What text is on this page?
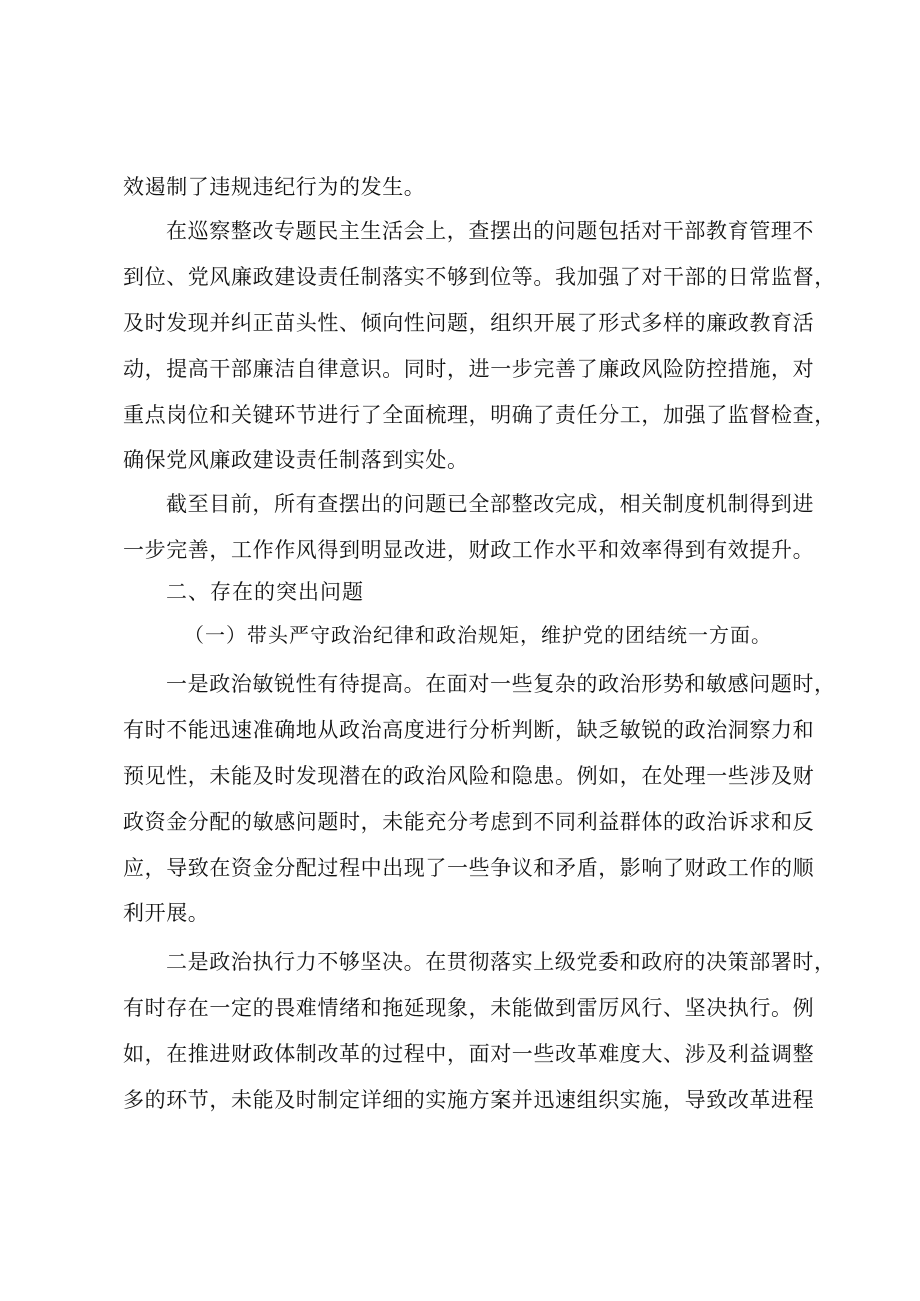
效遏制了违规违纪行为的发生。
在巡察整改专题民主生活会上，查摆出的问题包括对干部教育管理不
到位、党风廉政建设责任制落实不够到位等。我加强了对干部的日常监督，
及时发现并纠正苗头性、倾向性问题，组织开展了形式多样的廉政教育活
动，提高干部廉洁自律意识。同时，进一步完善了廉政风险防控措施，对
重点岗位和关键环节进行了全面梳理，明确了责任分工，加强了监督检查，
确保党风廉政建设责任制落到实处。
截至目前，所有查摆出的问题已全部整改完成，相关制度机制得到进
一步完善，工作作风得到明显改进，财政工作水平和效率得到有效提升。
二、存在的突出问题
（一）带头严守政治纪律和政治规矩，维护党的团结统一方面。
一是政治敏锐性有待提高。在面对一些复杂的政治形势和敏感问题时，
有时不能迅速准确地从政治高度进行分析判断，缺乏敏锐的政治洞察力和
预见性，未能及时发现潜在的政治风险和隐患。例如，在处理一些涉及财
政资金分配的敏感问题时，未能充分考虑到不同利益群体的政治诉求和反
应，导致在资金分配过程中出现了一些争议和矛盾，影响了财政工作的顺
利开展。
二是政治执行力不够坚决。在贯彻落实上级党委和政府的决策部署时，
有时存在一定的畏难情绪和拖延现象，未能做到雷厉风行、坚决执行。例
如，在推进财政体制改革的过程中，面对一些改革难度大、涉及利益调整
多的环节，未能及时制定详细的实施方案并迅速组织实施，导致改革进程
